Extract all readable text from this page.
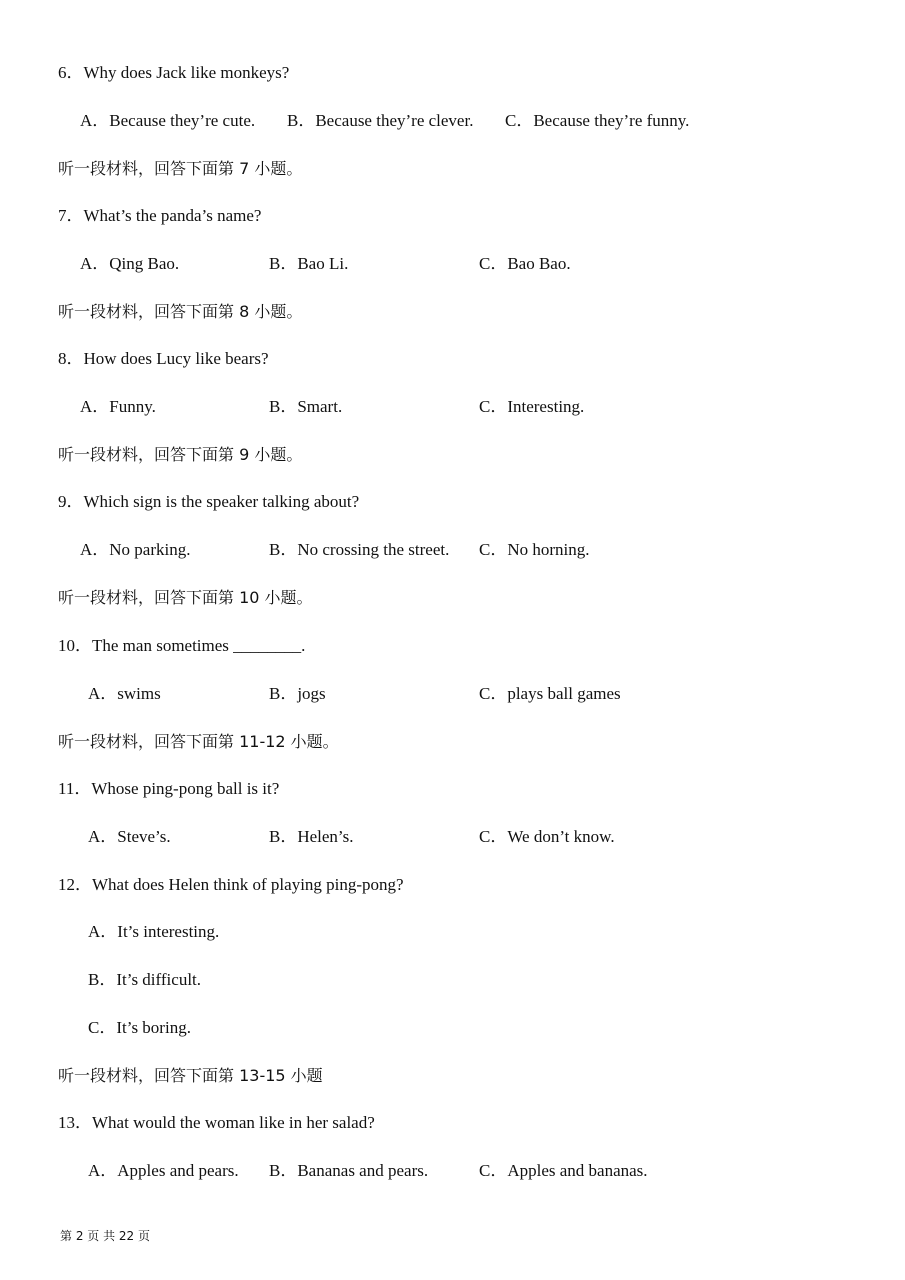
6．Why does Jack like monkeys?
A．Because they’re cute. B．Because they’re clever. C．Because they’re funny.
听一段材料，回答下面第 7 小题。
7．What’s the panda’s name?
A．Qing Bao.	B．Bao Li.	C．Bao Bao.
听一段材料，回答下面第 8 小题。
8．How does Lucy like bears?
A．Funny.	B．Smart.	C．Interesting.
听一段材料，回答下面第 9 小题。
9．Which sign is the speaker talking about?
A．No parking.	B．No crossing the street. C．No horning.
听一段材料，回答下面第 10 小题。
10．The man sometimes ________.
A．swims	B．jogs	C．plays ball games
听一段材料，回答下面第 11-12 小题。
11．Whose ping-pong ball is it?
A．Steve’s.	B．Helen’s.	C．We don’t know.
12．What does Helen think of playing ping-pong?
A．It’s interesting.
B．It’s difficult.
C．It’s boring.
听一段材料，回答下面第 13-15 小题
13．What would the woman like in her salad?
A．Apples and pears. B．Bananas and pears.	C．Apples and bananas.
第 2 页 共 22 页
